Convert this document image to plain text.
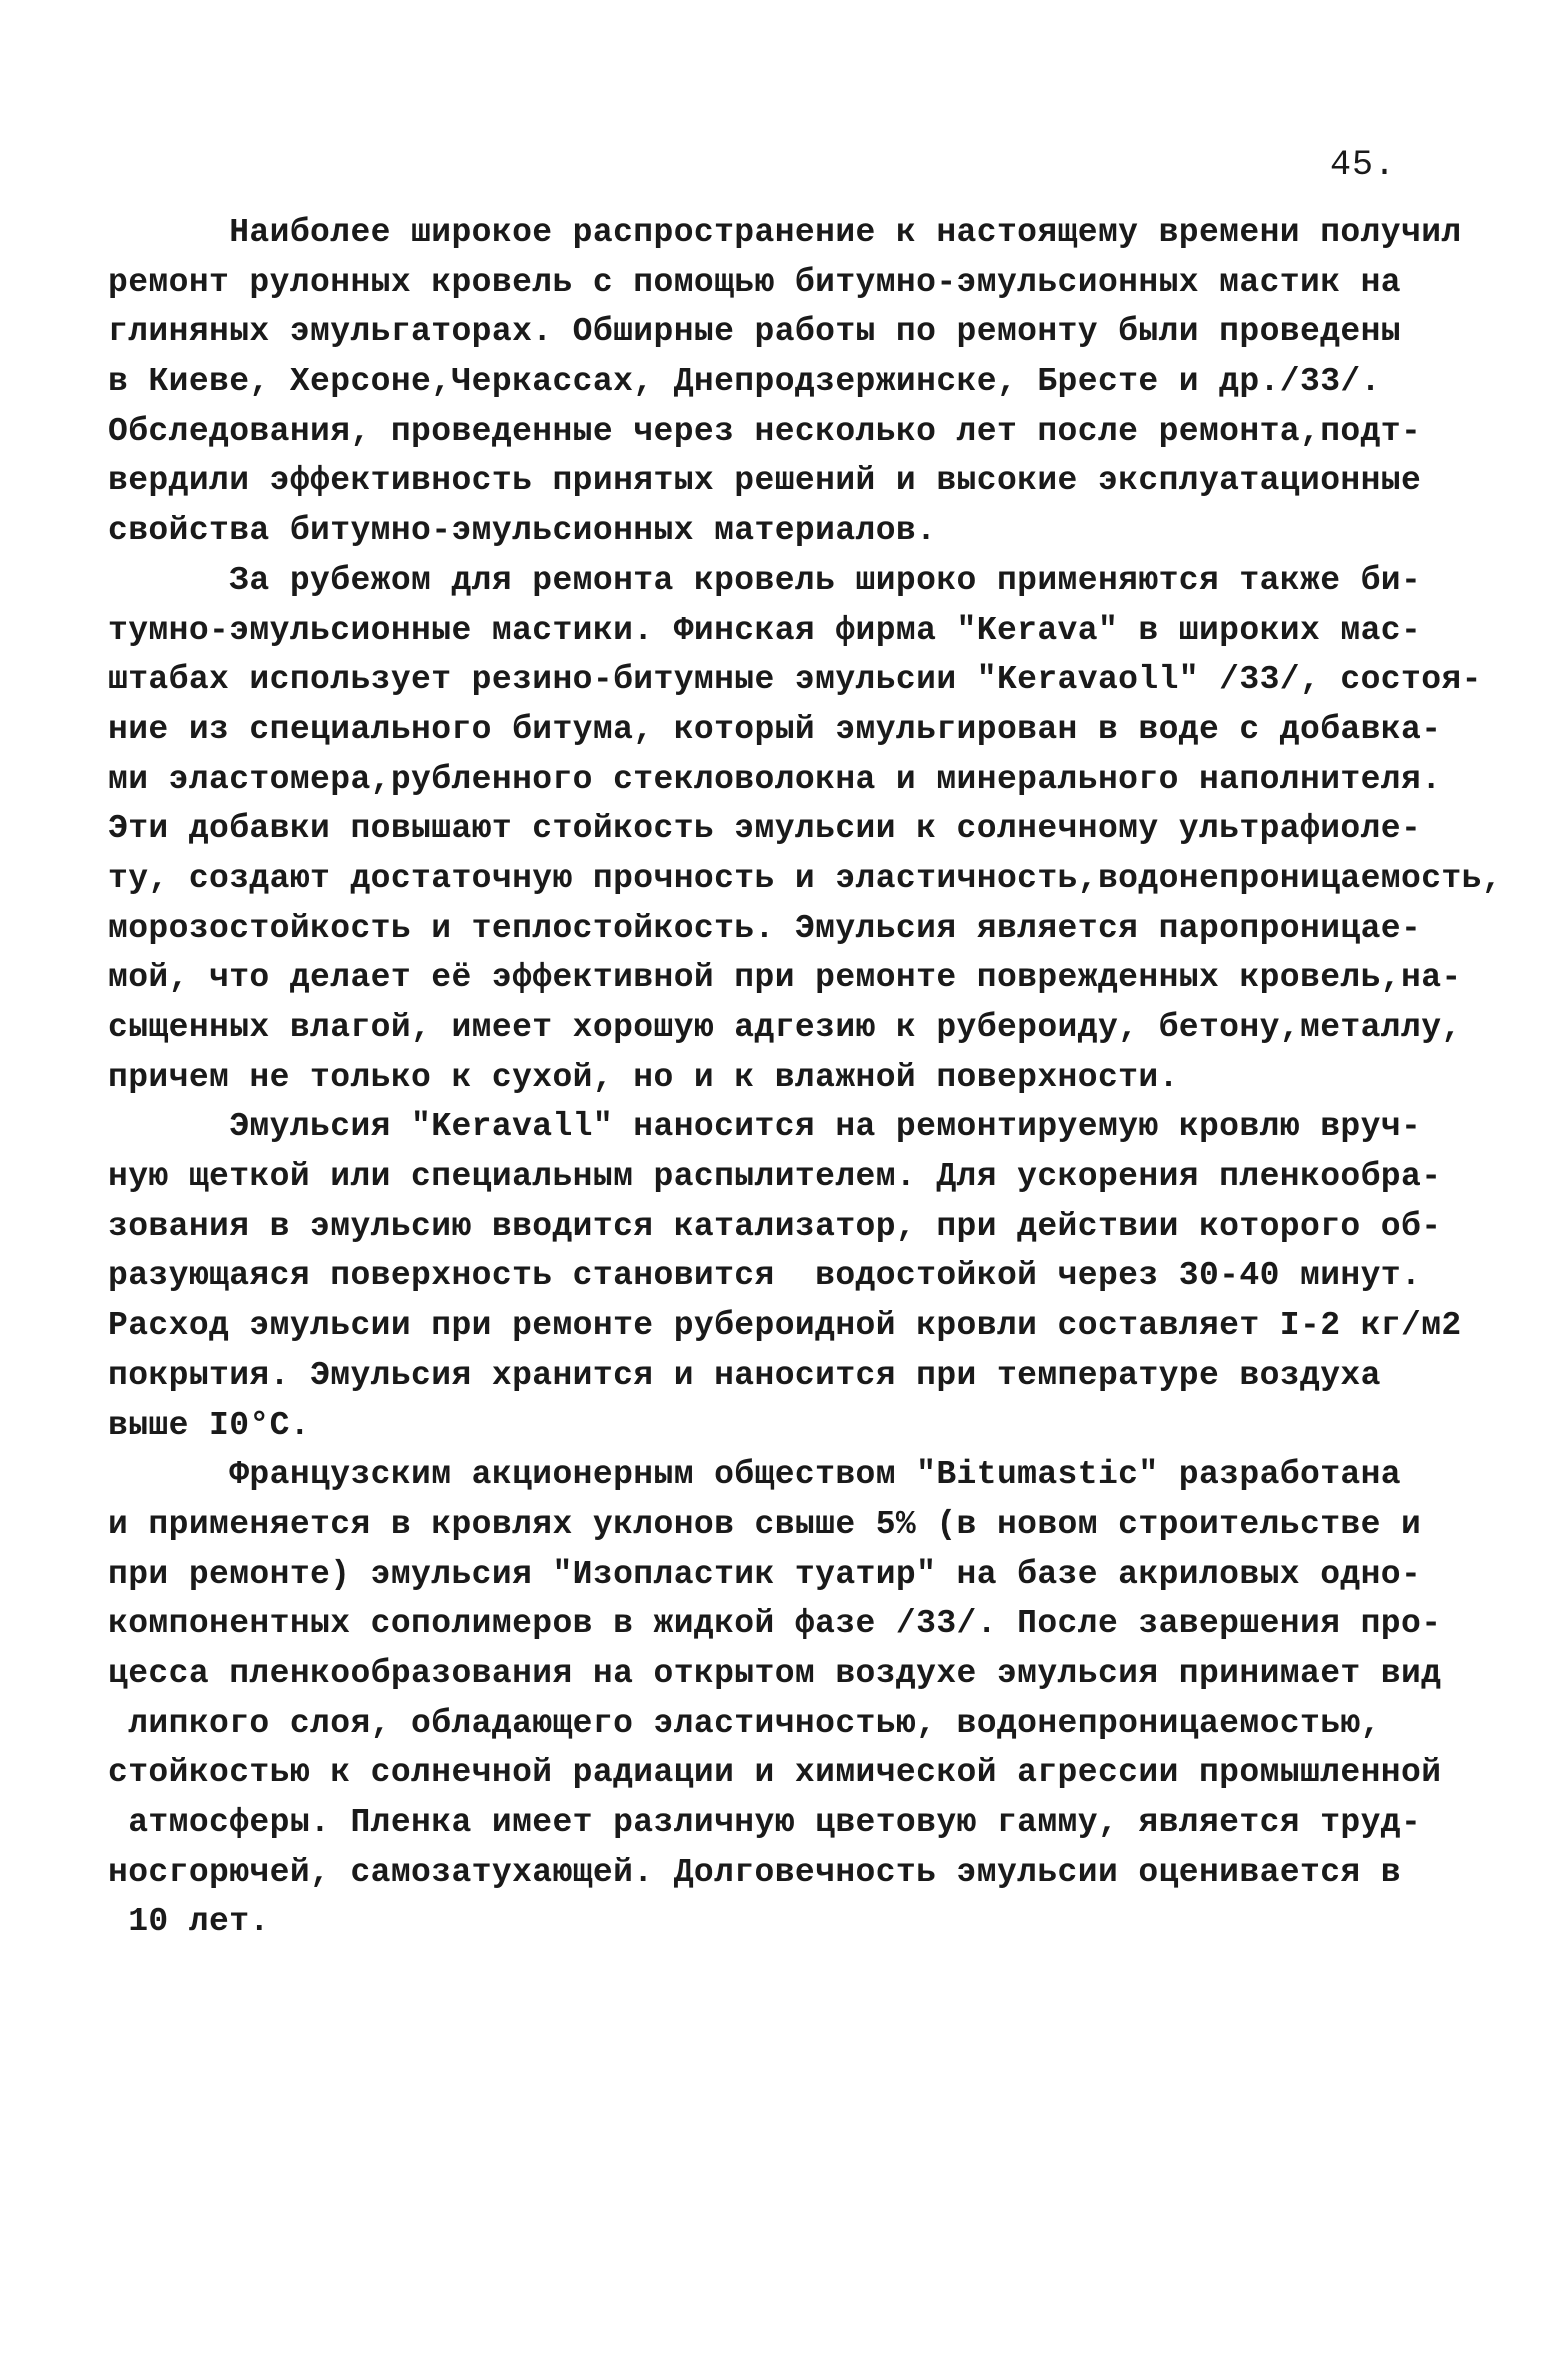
45.
Наиболее широкое распространение к настоящему времени получил
ремонт рулонных кровель с помощью битумно-эмульсионных мастик на
глиняных эмульгаторах. Обширные работы по ремонту были проведены
в Киеве, Херсоне,Черкассах, Днепродзержинске, Бресте и др./33/.
Обследования, проведенные через несколько лет после ремонта,подт-
вердили эффективность принятых решений и высокие эксплуатационные
свойства битумно-эмульсионных материалов.
За рубежом для ремонта кровель широко применяются также би-
тумно-эмульсионные мастики. Финская фирма "Kerava" в широких мас-
штабах использует резино-битумные эмульсии "Keravaoll" /33/, состоя-
ние из специального битума, который эмульгирован в воде с добавка-
ми эластомера,рубленного стекловолокна и минерального наполнителя.
Эти добавки повышают стойкость эмульсии к солнечному ультрафиоле-
ту, создают достаточную прочность и эластичность,водонепроницаемость,
морозостойкость и теплостойкость. Эмульсия является паропроницае-
мой, что делает её эффективной при ремонте поврежденных кровель,на-
сыщенных влагой, имеет хорошую адгезию к рубероиду, бетону,металлу,
причем не только к сухой, но и к влажной поверхности.
Эмульсия "Keravall" наносится на ремонтируемую кровлю вруч-
ную щеткой или специальным распылителем. Для ускорения пленкообра-
зования в эмульсию вводится катализатор, при действии которого об-
разующаяся поверхность становится  водостойкой через 30-40 минут.
Расход эмульсии при ремонте рубероидной кровли составляет I-2 кг/м2
покрытия. Эмульсия хранится и наносится при температуре воздуха
выше I0°C.
Французским акционерным обществом "Bitumastic" разработана
и применяется в кровлях уклонов свыше 5% (в новом строительстве и
при ремонте) эмульсия "Изопластик туатир" на базе акриловых одно-
компонентных сополимеров в жидкой фазе /33/. После завершения про-
цесса пленкообразования на открытом воздухе эмульсия принимает вид
липкого слоя, обладающего эластичностью, водонепроницаемостью,
стойкостью к солнечной радиации и химической агрессии промышленной
атмосферы. Пленка имеет различную цветовую гамму, является труд-
носгорючей, самозатухающей. Долговечность эмульсии оценивается в
10 лет.
